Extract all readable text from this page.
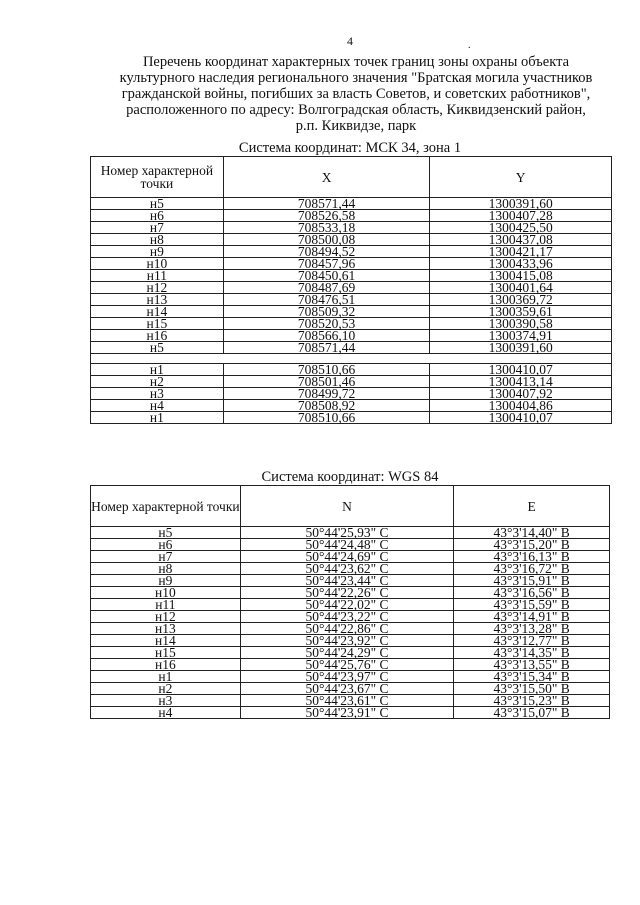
4	.
Перечень координат характерных точек границ зоны охраны объекта
культурного наследия регионального значения "Братская могила участников
гражданской войны, погибших за власть Советов, и советских работников",
расположенного по адресу: Волгоградская область, Киквидзенский район,
р.п. Киквидзе, парк
Система координат: МСК 34, зона 1
Номер характерной точки	X	Y
н5	708571,44	1300391,60
н6	708526,58	1300407,28
н7	708533,18	1300425,50
н8	708500,08	1300437,08
н9	708494,52	1300421,17
н10	708457,96	1300433,96
н11	708450,61	1300415,08
н12	708487,69	1300401,64
н13	708476,51	1300369,72
н14	708509,32	1300359,61
н15	708520,53	1300390,58
н16	708566,10	1300374,91
н5	708571,44	1300391,60

н1	708510,66	1300410,07
н2	708501,46	1300413,14
н3	708499,72	1300407,92
н4	708508,92	1300404,86
н1	708510,66	1300410,07
Система координат: WGS 84
Номер характерной точки	N	E
н5	50°44'25,93" С	43°3'14,40" В
н6	50°44'24,48" С	43°3'15,20" В
н7	50°44'24,69" С	43°3'16,13" В
н8	50°44'23,62" С	43°3'16,72" В
н9	50°44'23,44" С	43°3'15,91" В
н10	50°44'22,26" С	43°3'16,56" В
н11	50°44'22,02" С	43°3'15,59" В
н12	50°44'23,22" С	43°3'14,91" В
н13	50°44'22,86" С	43°3'13,28" В
н14	50°44'23,92" С	43°3'12,77" В
н15	50°44'24,29" С	43°3'14,35" В
н16	50°44'25,76" С	43°3'13,55" В
н1	50°44'23,97" С	43°3'15,34" В
н2	50°44'23,67" С	43°3'15,50" В
н3	50°44'23,61" С	43°3'15,23" В
н4	50°44'23,91" С	43°3'15,07" В
